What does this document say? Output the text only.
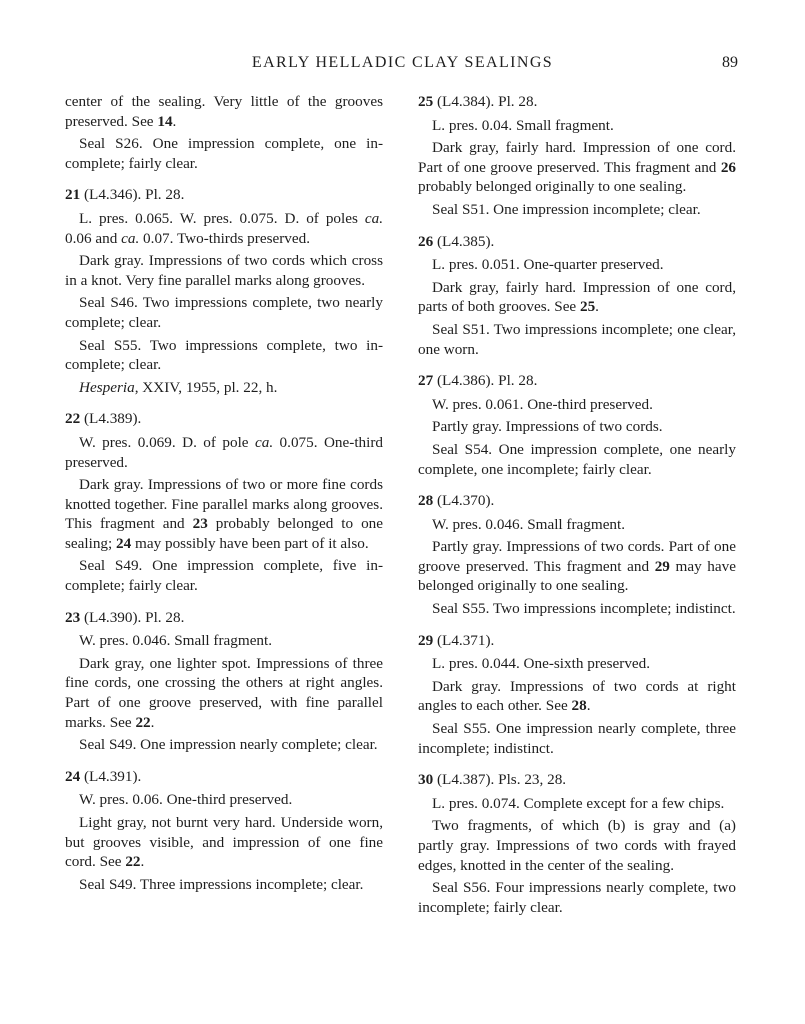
EARLY HELLADIC CLAY SEALINGS	89

center of the sealing. Very little of the grooves preserved. See 14.

Seal S26. One impression complete, one incomplete; fairly clear.

21 (L4.346). Pl. 28.

L. pres. 0.065. W. pres. 0.075. D. of poles ca. 0.06 and ca. 0.07. Two-thirds preserved.

Dark gray. Impressions of two cords which cross in a knot. Very fine parallel marks along grooves.

Seal S46. Two impressions complete, two nearly complete; clear.

Seal S55. Two impressions complete, two incomplete; clear.

Hesperia, XXIV, 1955, pl. 22, h.

22 (L4.389).

W. pres. 0.069. D. of pole ca. 0.075. One-third preserved.

Dark gray. Impressions of two or more fine cords knotted together. Fine parallel marks along grooves. This fragment and 23 probably belonged to one sealing; 24 may possibly have been part of it also.

Seal S49. One impression complete, five incomplete; fairly clear.

23 (L4.390). Pl. 28.

W. pres. 0.046. Small fragment.

Dark gray, one lighter spot. Impressions of three fine cords, one crossing the others at right angles. Part of one groove preserved, with fine parallel marks. See 22.

Seal S49. One impression nearly complete; clear.

24 (L4.391).

W. pres. 0.06. One-third preserved.

Light gray, not burnt very hard. Underside worn, but grooves visible, and impression of one fine cord. See 22.

Seal S49. Three impressions incomplete; clear.

25 (L4.384). Pl. 28.

L. pres. 0.04. Small fragment.

Dark gray, fairly hard. Impression of one cord. Part of one groove preserved. This fragment and 26 probably belonged originally to one sealing.

Seal S51. One impression incomplete; clear.

26 (L4.385).

L. pres. 0.051. One-quarter preserved.

Dark gray, fairly hard. Impression of one cord, parts of both grooves. See 25.

Seal S51. Two impressions incomplete; one clear, one worn.

27 (L4.386). Pl. 28.

W. pres. 0.061. One-third preserved.

Partly gray. Impressions of two cords.

Seal S54. One impression complete, one nearly complete, one incomplete; fairly clear.

28 (L4.370).

W. pres. 0.046. Small fragment.

Partly gray. Impressions of two cords. Part of one groove preserved. This fragment and 29 may have belonged originally to one sealing.

Seal S55. Two impressions incomplete; indistinct.

29 (L4.371).

L. pres. 0.044. One-sixth preserved.

Dark gray. Impressions of two cords at right angles to each other. See 28.

Seal S55. One impression nearly complete, three incomplete; indistinct.

30 (L4.387). Pls. 23, 28.

L. pres. 0.074. Complete except for a few chips.

Two fragments, of which (b) is gray and (a) partly gray. Impressions of two cords with frayed edges, knotted in the center of the sealing.

Seal S56. Four impressions nearly complete, two incomplete; fairly clear.
